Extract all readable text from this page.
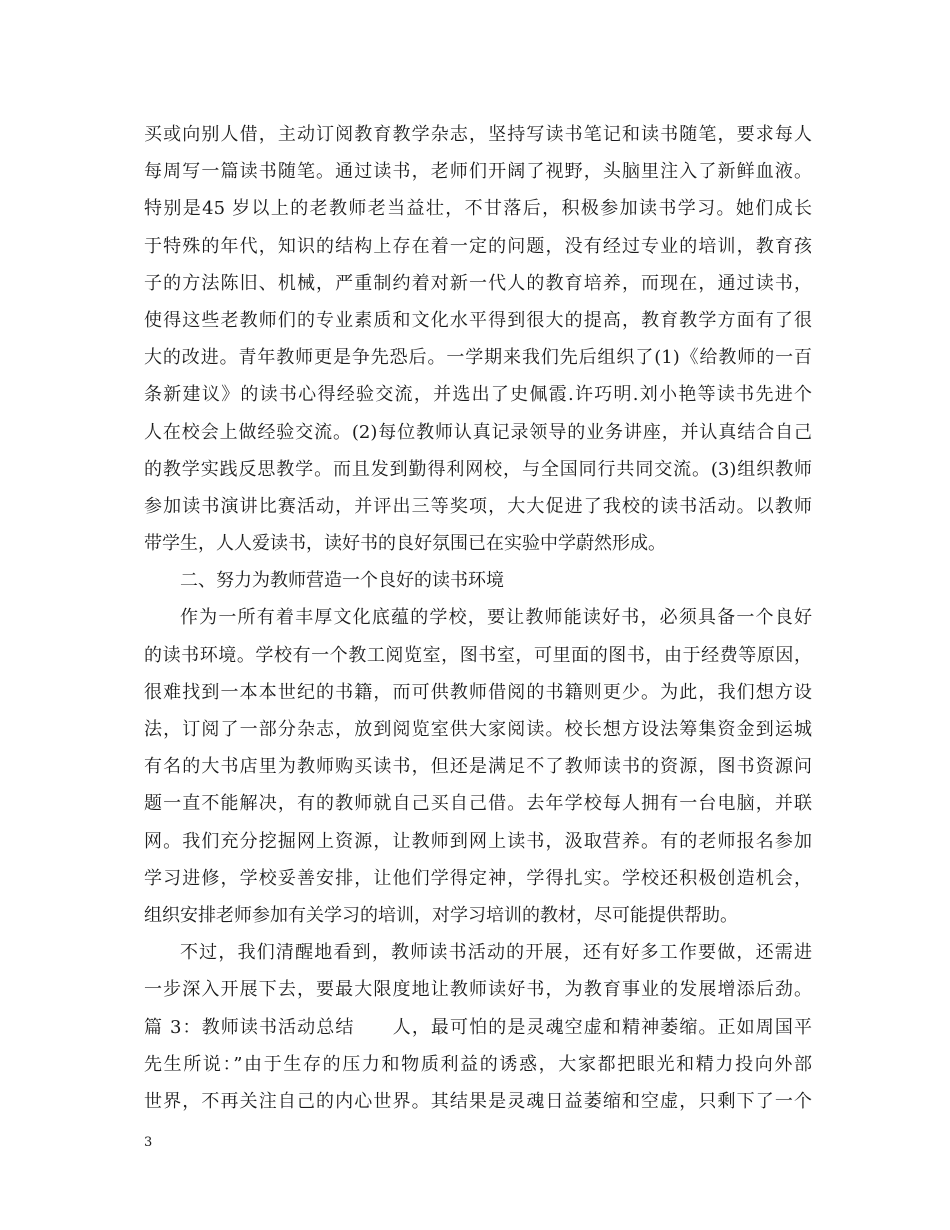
买或向别人借，主动订阅教育教学杂志，坚持写读书笔记和读书随笔，要求每人
每周写一篇读书随笔。通过读书，老师们开阔了视野，头脑里注入了新鲜血液。
特别是45 岁以上的老教师老当益壮，不甘落后，积极参加读书学习。她们成长
于特殊的年代，知识的结构上存在着一定的问题，没有经过专业的培训，教育孩
子的方法陈旧、机械，严重制约着对新一代人的教育培养，而现在，通过读书，
使得这些老教师们的专业素质和文化水平得到很大的提高，教育教学方面有了很
大的改进。青年教师更是争先恐后。一学期来我们先后组织了(1)《给教师的一百
条新建议》的读书心得经验交流，并选出了史佩霞.许巧明.刘小艳等读书先进个
人在校会上做经验交流。(2)每位教师认真记录领导的业务讲座，并认真结合自己
的教学实践反思教学。而且发到勤得利网校，与全国同行共同交流。(3)组织教师
参加读书演讲比赛活动，并评出三等奖项，大大促进了我校的读书活动。以教师
带学生，人人爱读书，读好书的良好氛围已在实验中学蔚然形成。
二、努力为教师营造一个良好的读书环境
作为一所有着丰厚文化底蕴的学校，要让教师能读好书，必须具备一个良好
的读书环境。学校有一个教工阅览室，图书室，可里面的图书，由于经费等原因，
很难找到一本本世纪的书籍，而可供教师借阅的书籍则更少。为此，我们想方设
法，订阅了一部分杂志，放到阅览室供大家阅读。校长想方设法筹集资金到运城
有名的大书店里为教师购买读书，但还是满足不了教师读书的资源，图书资源问
题一直不能解决，有的教师就自己买自己借。去年学校每人拥有一台电脑，并联
网。我们充分挖掘网上资源，让教师到网上读书，汲取营养。有的老师报名参加
学习进修，学校妥善安排，让他们学得定神，学得扎实。学校还积极创造机会，
组织安排老师参加有关学习的培训，对学习培训的教材，尽可能提供帮助。
不过，我们清醒地看到，教师读书活动的开展，还有好多工作要做，还需进
一步深入开展下去，要最大限度地让教师读好书，为教育事业的发展增添后劲。
篇 3：教师读书活动总结　　人，最可怕的是灵魂空虚和精神萎缩。正如周国平
先生所说：”由于生存的压力和物质利益的诱惑，大家都把眼光和精力投向外部
世界，不再关注自己的内心世界。其结果是灵魂日益萎缩和空虚，只剩下了一个
3
